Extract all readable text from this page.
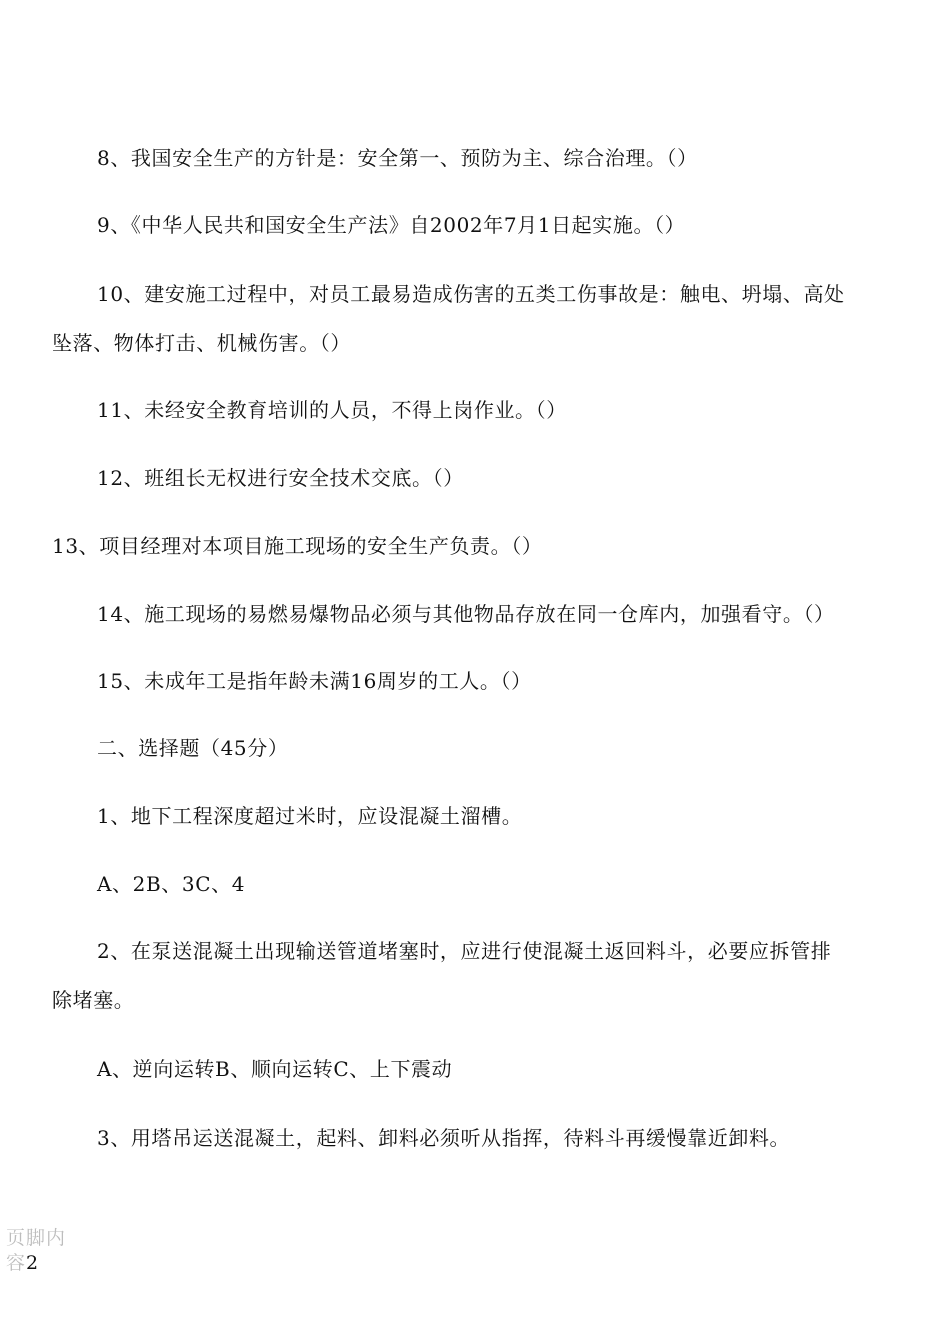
8、我国安全生产的方针是：安全第一、预防为主、综合治理。（）
9、《中华人民共和国安全生产法》自2002年7月1日起实施。（）
10、建安施工过程中，对员工最易造成伤害的五类工伤事故是：触电、坍塌、高处
坠落、物体打击、机械伤害。（）
11、未经安全教育培训的人员，不得上岗作业。（）
12、班组长无权进行安全技术交底。（）
13、项目经理对本项目施工现场的安全生产负责。（）
14、施工现场的易燃易爆物品必须与其他物品存放在同一仓库内，加强看守。（）
15、未成年工是指年龄未满16周岁的工人。（）
二、选择题（45分）
1、地下工程深度超过米时，应设混凝土溜槽。
A、2B、3C、4
2、在泵送混凝土出现输送管道堵塞时，应进行使混凝土返回料斗，必要应拆管排
除堵塞。
A、逆向运转B、顺向运转C、上下震动
3、用塔吊运送混凝土，起料、卸料必须听从指挥，待料斗再缓慢靠近卸料。
页脚内
容2
